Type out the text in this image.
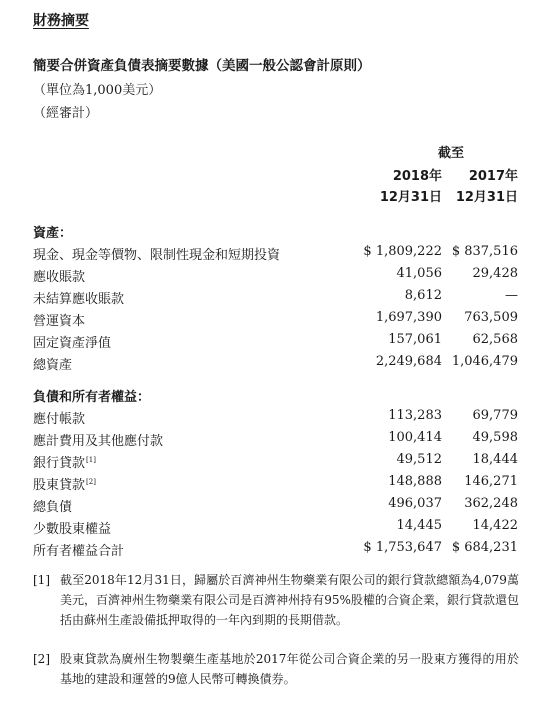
財務摘要
簡要合併資產負債表摘要數據（美國一般公認會計原則）
（單位為1,000美元）
（經審計）
截至
2018年	2017年
12月31日	12月31日
資產：
現金、現金等價物、限制性現金和短期投資	$ 1,809,222 $ 837,516
應收賬款	41,056 29,428
未結算應收賬款	8,612	—
營運資本	1,697,390 763,509
固定資產淨值	157,061 62,568
總資產	2,249,684 1,046,479
負債和所有者權益：
應付帳款	113,283 69,779
應計費用及其他應付款	100,414 49,598
銀行貸款[1]	49,512 18,444
股東貸款[2]	148,888 146,271
總負債	496,037 362,248
少數股東權益	14,445 14,422
所有者權益合計	$ 1,753,647 $ 684,231
[1] 截至2018年12月31日，歸屬於百濟神州生物藥業有限公司的銀行貸款總額為4,079萬美元，百濟神州生物藥業有限公司是百濟神州持有95%股權的合資企業，銀行貸款還包括由蘇州生產設備抵押取得的一年內到期的長期借款。
[2] 股東貸款為廣州生物製藥生產基地於2017年從公司合資企業的另一股東方獲得的用於基地的建設和運營的9億人民幣可轉換債券。
